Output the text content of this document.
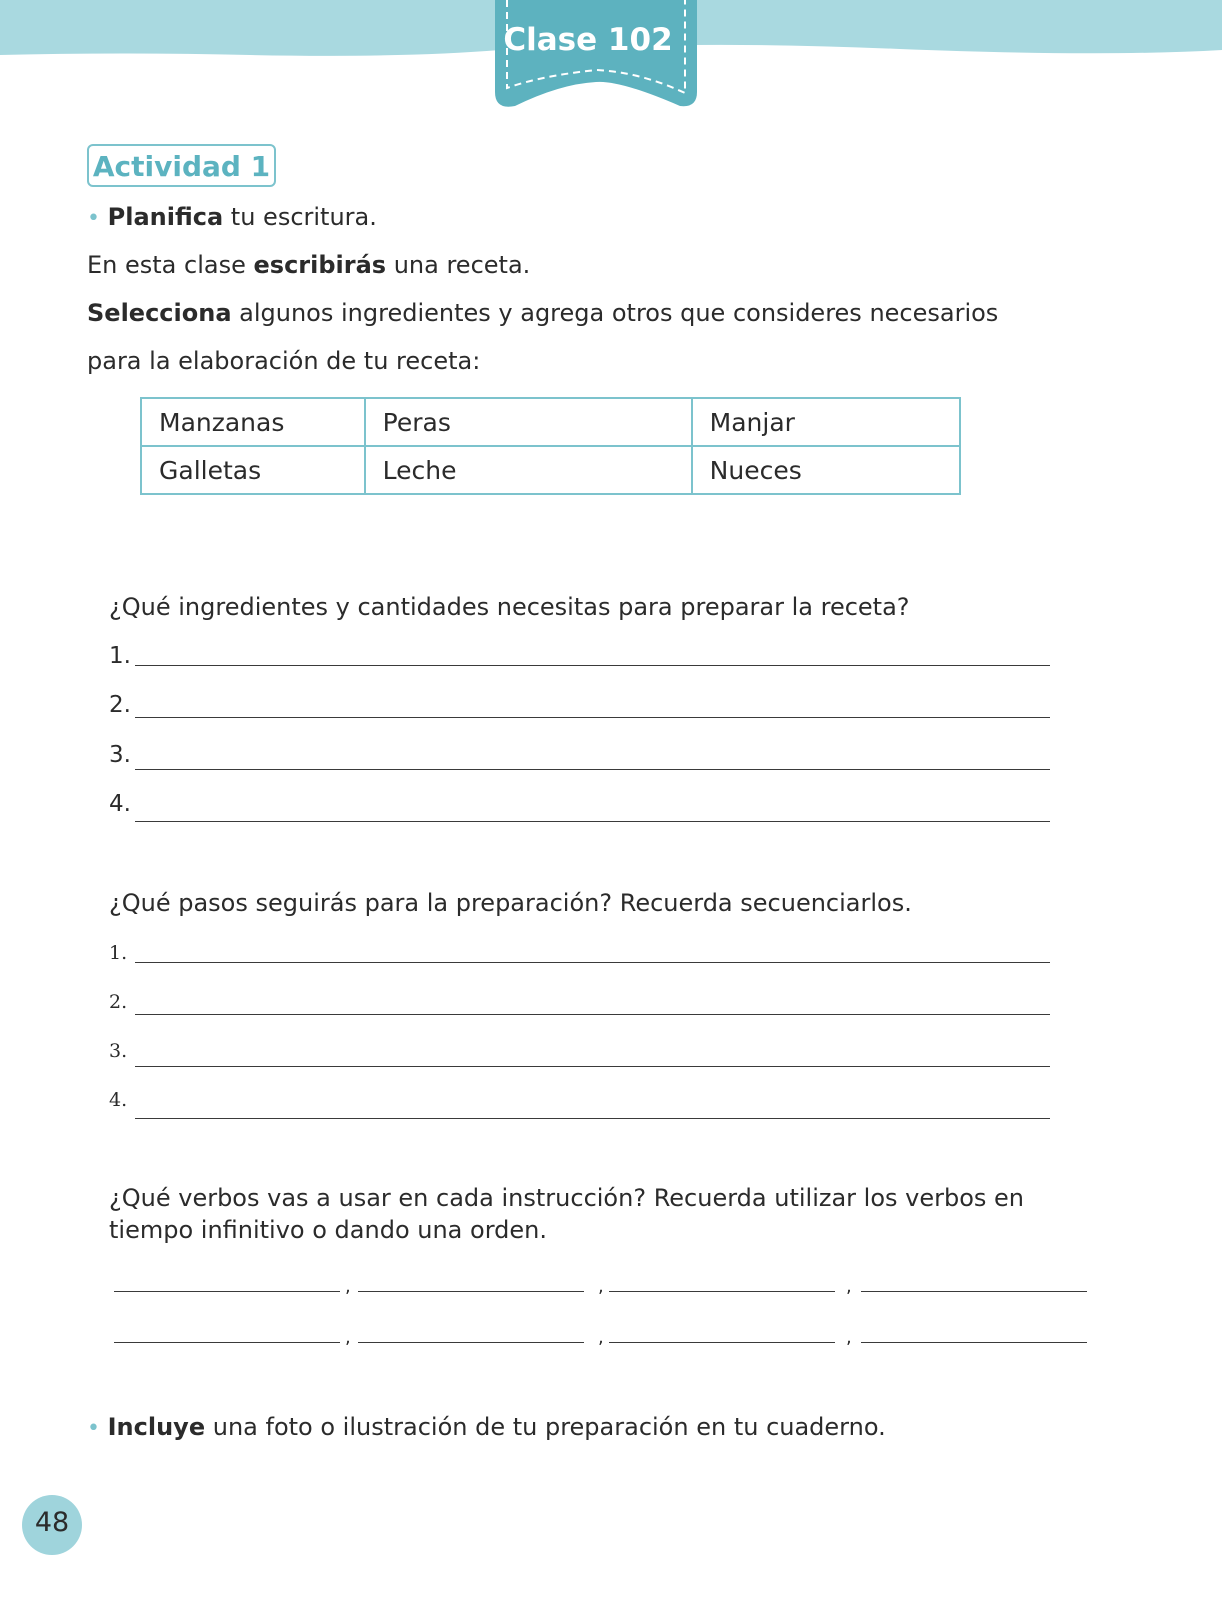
Clase 102
Actividad 1
• Planifica tu escritura.
En esta clase escribirás una receta.
Selecciona algunos ingredientes y agrega otros que consideres necesarios
para la elaboración de tu receta:
Manzanas	Peras	Manjar
Galletas	Leche	Nueces
¿Qué ingredientes y cantidades necesitas para preparar la receta?
1.
2.
3.
4.
¿Qué pasos seguirás para la preparación? Recuerda secuenciarlos.
1.
2.
3.
4.
¿Qué verbos vas a usar en cada instrucción? Recuerda utilizar los verbos en
tiempo infinitivo o dando una orden.
,	,	,
,	,	,
• Incluye una foto o ilustración de tu preparación en tu cuaderno.
48
